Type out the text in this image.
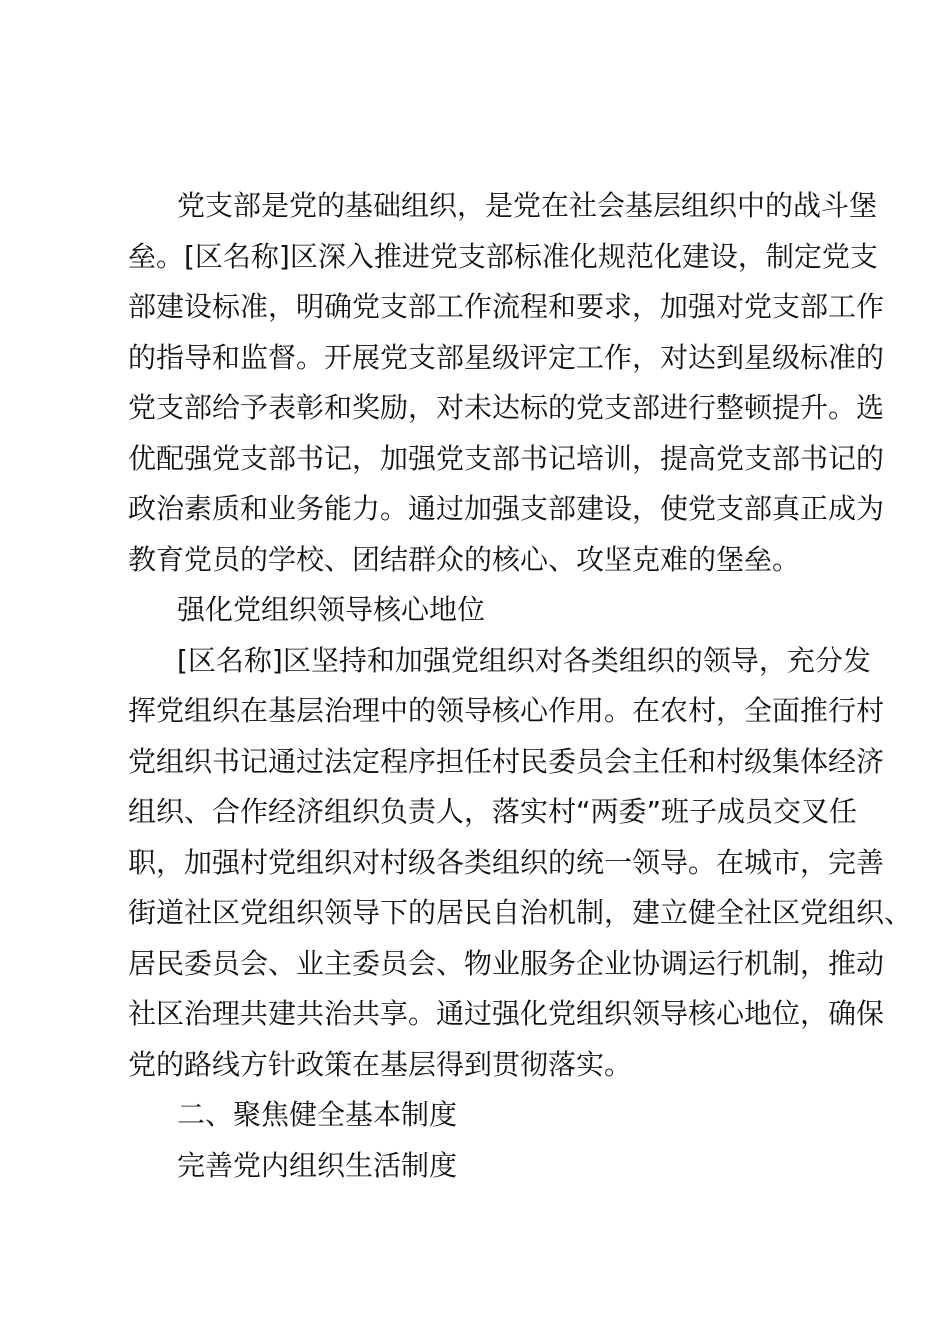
党支部是党的基础组织，是党在社会基层组织中的战斗堡
垒。[区名称]区深入推进党支部标准化规范化建设，制定党支
部建设标准，明确党支部工作流程和要求，加强对党支部工作
的指导和监督。开展党支部星级评定工作，对达到星级标准的
党支部给予表彰和奖励，对未达标的党支部进行整顿提升。选
优配强党支部书记，加强党支部书记培训，提高党支部书记的
政治素质和业务能力。通过加强支部建设，使党支部真正成为
教育党员的学校、团结群众的核心、攻坚克难的堡垒。
强化党组织领导核心地位
[区名称]区坚持和加强党组织对各类组织的领导，充分发
挥党组织在基层治理中的领导核心作用。在农村，全面推行村
党组织书记通过法定程序担任村民委员会主任和村级集体经济
组织、合作经济组织负责人，落实村“两委”班子成员交叉任
职，加强村党组织对村级各类组织的统一领导。在城市，完善
街道社区党组织领导下的居民自治机制，建立健全社区党组织、
居民委员会、业主委员会、物业服务企业协调运行机制，推动
社区治理共建共治共享。通过强化党组织领导核心地位，确保
党的路线方针政策在基层得到贯彻落实。
二、聚焦健全基本制度
完善党内组织生活制度
